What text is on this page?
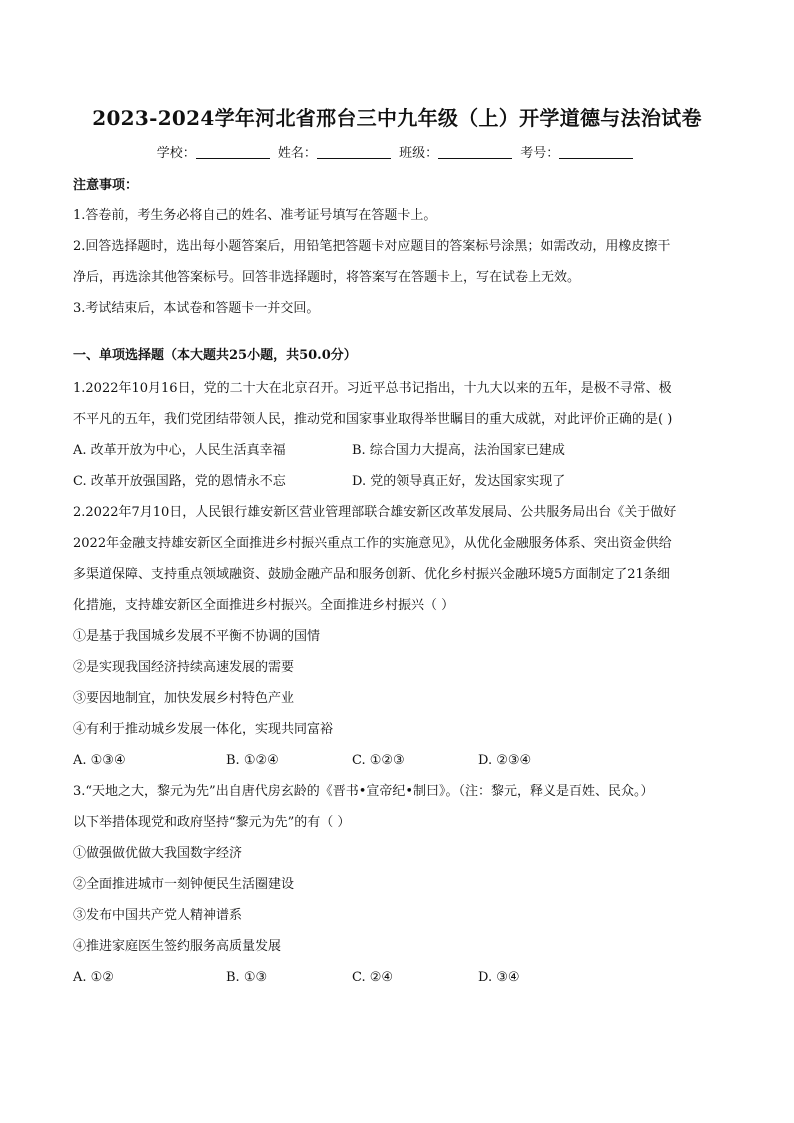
2023-2024学年河北省邢台三中九年级（上）开学道德与法治试卷
学校：	姓名：	班级：	考号：
注意事项：
1.答卷前，考生务必将自己的姓名、准考证号填写在答题卡上。
2.回答选择题时，选出每小题答案后，用铅笔把答题卡对应题目的答案标号涂黑；如需改动，用橡皮擦干
净后，再选涂其他答案标号。回答非选择题时，将答案写在答题卡上，写在试卷上无效。
3.考试结束后，本试卷和答题卡一并交回。
一、单项选择题（本大题共25小题，共50.0分）
1.2022年10月16日，党的二十大在北京召开。习近平总书记指出，十九大以来的五年，是极不寻常、极
不平凡的五年，我们党团结带领人民，推动党和国家事业取得举世瞩目的重大成就，对此评价正确的是( )
A. 改革开放为中心，人民生活真幸福	B. 综合国力大提高，法治国家已建成
C. 改革开放强国路，党的恩情永不忘	D. 党的领导真正好，发达国家实现了
2.2022年7月10日，人民银行雄安新区营业管理部联合雄安新区改革发展局、公共服务局出台《关于做好
2022年金融支持雄安新区全面推进乡村振兴重点工作的实施意见》，从优化金融服务体系、突出资金供给
多渠道保障、支持重点领域融资、鼓励金融产品和服务创新、优化乡村振兴金融环境5方面制定了21条细
化措施，支持雄安新区全面推进乡村振兴。全面推进乡村振兴（ ）
①是基于我国城乡发展不平衡不协调的国情
②是实现我国经济持续高速发展的需要
③要因地制宜，加快发展乡村特色产业
④有利于推动城乡发展一体化，实现共同富裕
A. ①③④	B. ①②④	C. ①②③	D. ②③④
3.“天地之大，黎元为先”出自唐代房玄龄的《晋书•宣帝纪•制曰》。（注：黎元，释义是百姓、民众。）
以下举措体现党和政府坚持“黎元为先”的有（ ）
①做强做优做大我国数字经济
②全面推进城市一刻钟便民生活圈建设
③发布中国共产党人精神谱系
④推进家庭医生签约服务高质量发展
A. ①②	B. ①③	C. ②④	D. ③④
